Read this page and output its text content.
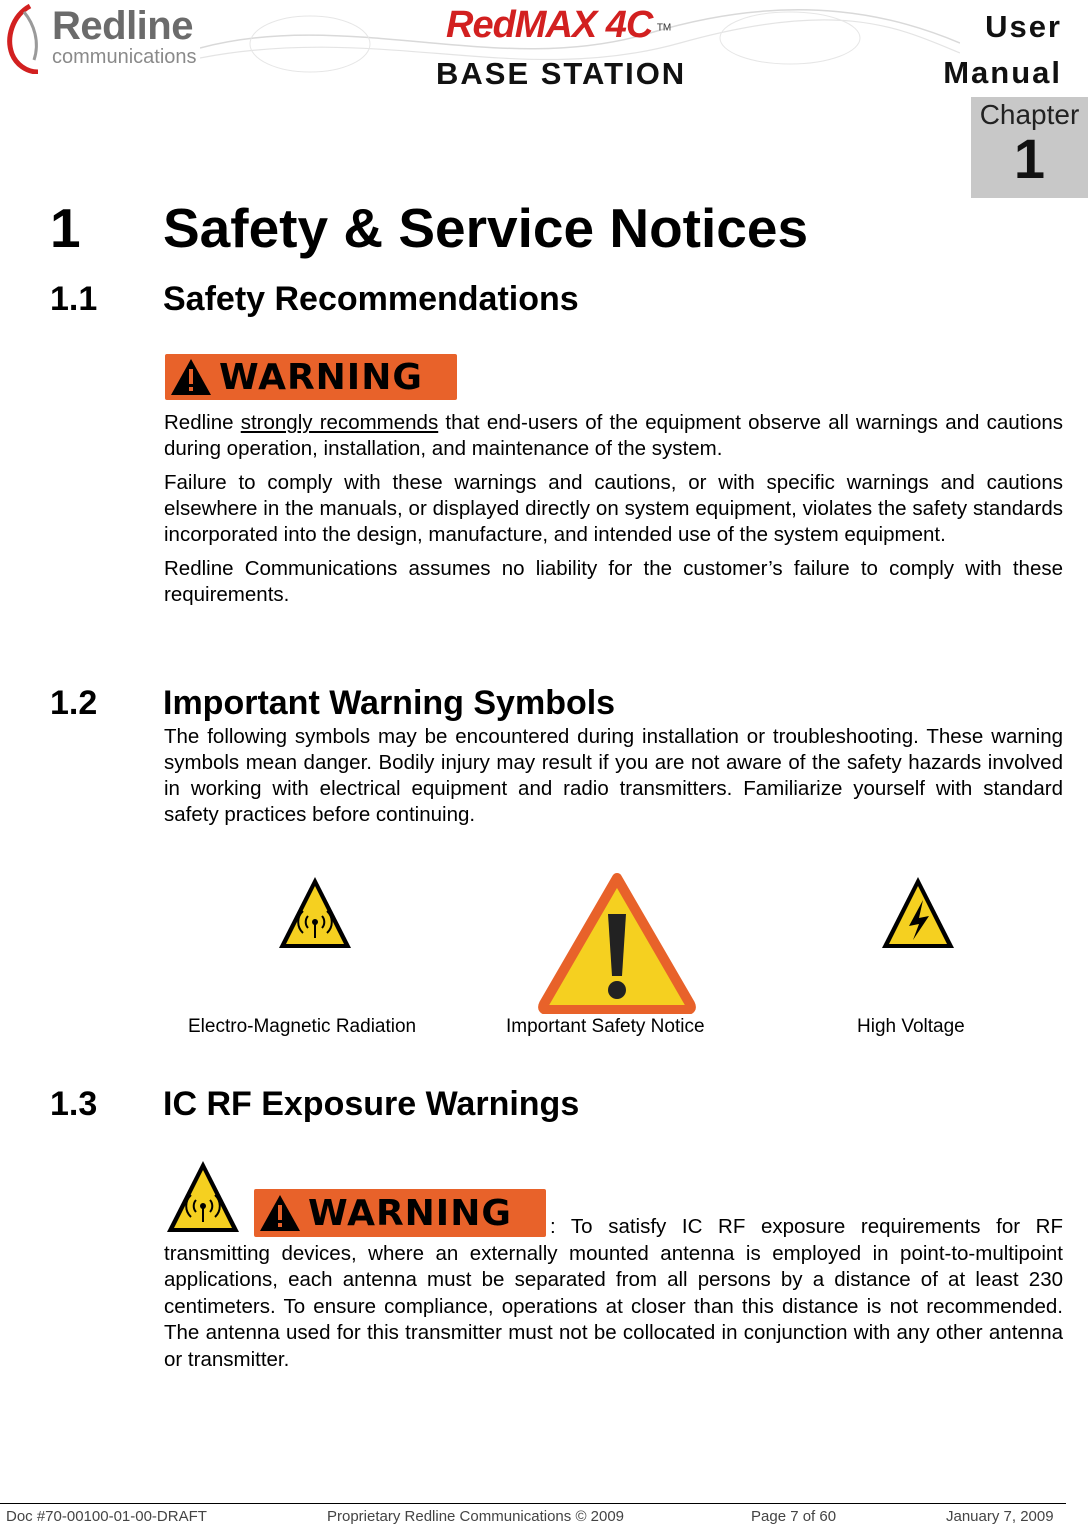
Redline
communications
RedMAX 4C ™
BASE STATION
User
Manual
Chapter
1
1 Safety & Service Notices
1.1 Safety Recommendations
WARNING

Redline strongly recommends that end-users of the equipment observe all warnings and cautions during operation, installation, and maintenance of the system.

Failure to comply with these warnings and cautions, or with specific warnings and cautions elsewhere in the manuals, or displayed directly on system equipment, violates the safety standards incorporated into the design, manufacture, and intended use of the system equipment.

Redline Communications assumes no liability for the customer’s failure to comply with these requirements.

1.2 Important Warning Symbols
The following symbols may be encountered during installation or troubleshooting. These warning symbols mean danger. Bodily injury may result if you are not aware of the safety hazards involved in working with electrical equipment and radio transmitters. Familiarize yourself with standard safety practices before continuing.
Electro-Magnetic Radiation	Important Safety Notice	High Voltage
1.3 IC RF Exposure Warnings
WARNING	: To satisfy IC RF exposure requirements for RF transmitting devices, where an externally mounted antenna is employed in point-to-multipoint applications, each antenna must be separated from all persons by a distance of at least 230 centimeters. To ensure compliance, operations at closer than this distance is not recommended. The antenna used for this transmitter must not be collocated in conjunction with any other antenna or transmitter.
Doc #70-00100-01-00-DRAFT	Proprietary Redline Communications © 2009	Page 7 of 60	January 7, 2009
